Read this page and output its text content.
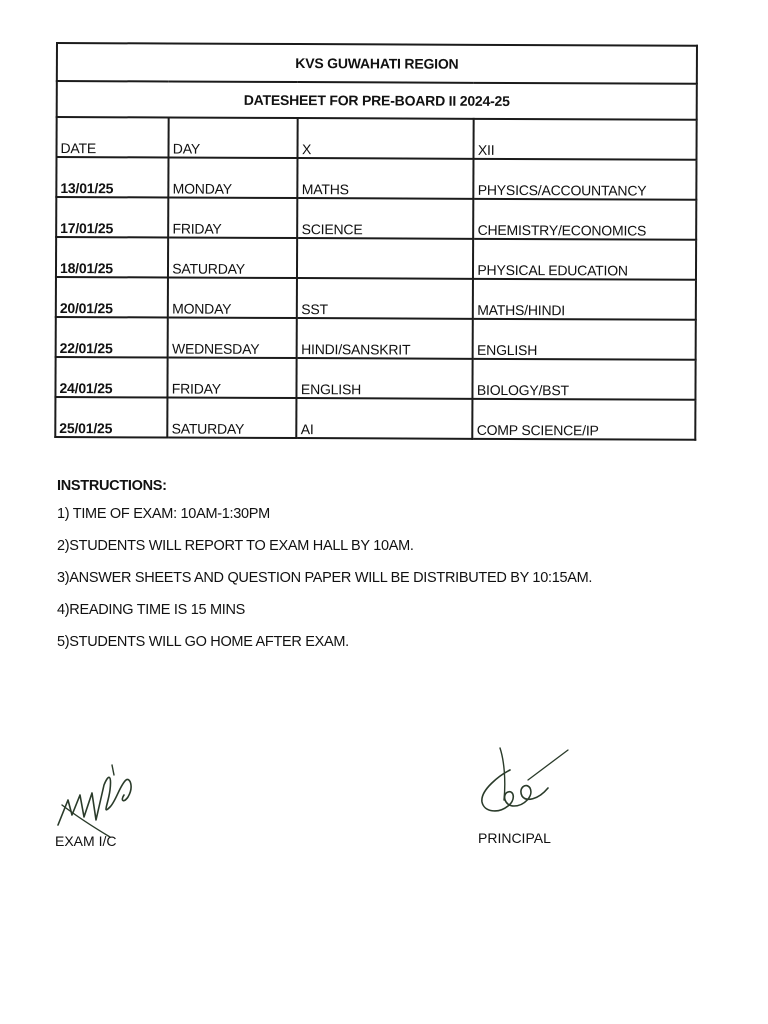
KVS GUWAHATI REGION			
DATESHEET FOR PRE-BOARD II 2024-25			
DATE	DAY	X	XII
13/01/25	MONDAY	MATHS	PHYSICS/ACCOUNTANCY
17/01/25	FRIDAY	SCIENCE	CHEMISTRY/ECONOMICS
18/01/25	SATURDAY		PHYSICAL EDUCATION
20/01/25	MONDAY	SST	MATHS/HINDI
22/01/25	WEDNESDAY	HINDI/SANSKRIT	ENGLISH
24/01/25	FRIDAY	ENGLISH	BIOLOGY/BST
25/01/25	SATURDAY	AI	COMP SCIENCE/IP
INSTRUCTIONS:
1) TIME OF EXAM: 10AM-1:30PM
2)STUDENTS WILL REPORT TO EXAM HALL BY 10AM.
3)ANSWER SHEETS AND QUESTION PAPER WILL BE DISTRIBUTED BY 10:15AM.
4)READING TIME IS 15 MINS
5)STUDENTS WILL GO HOME AFTER EXAM.
EXAM I/C	PRINCIPAL
